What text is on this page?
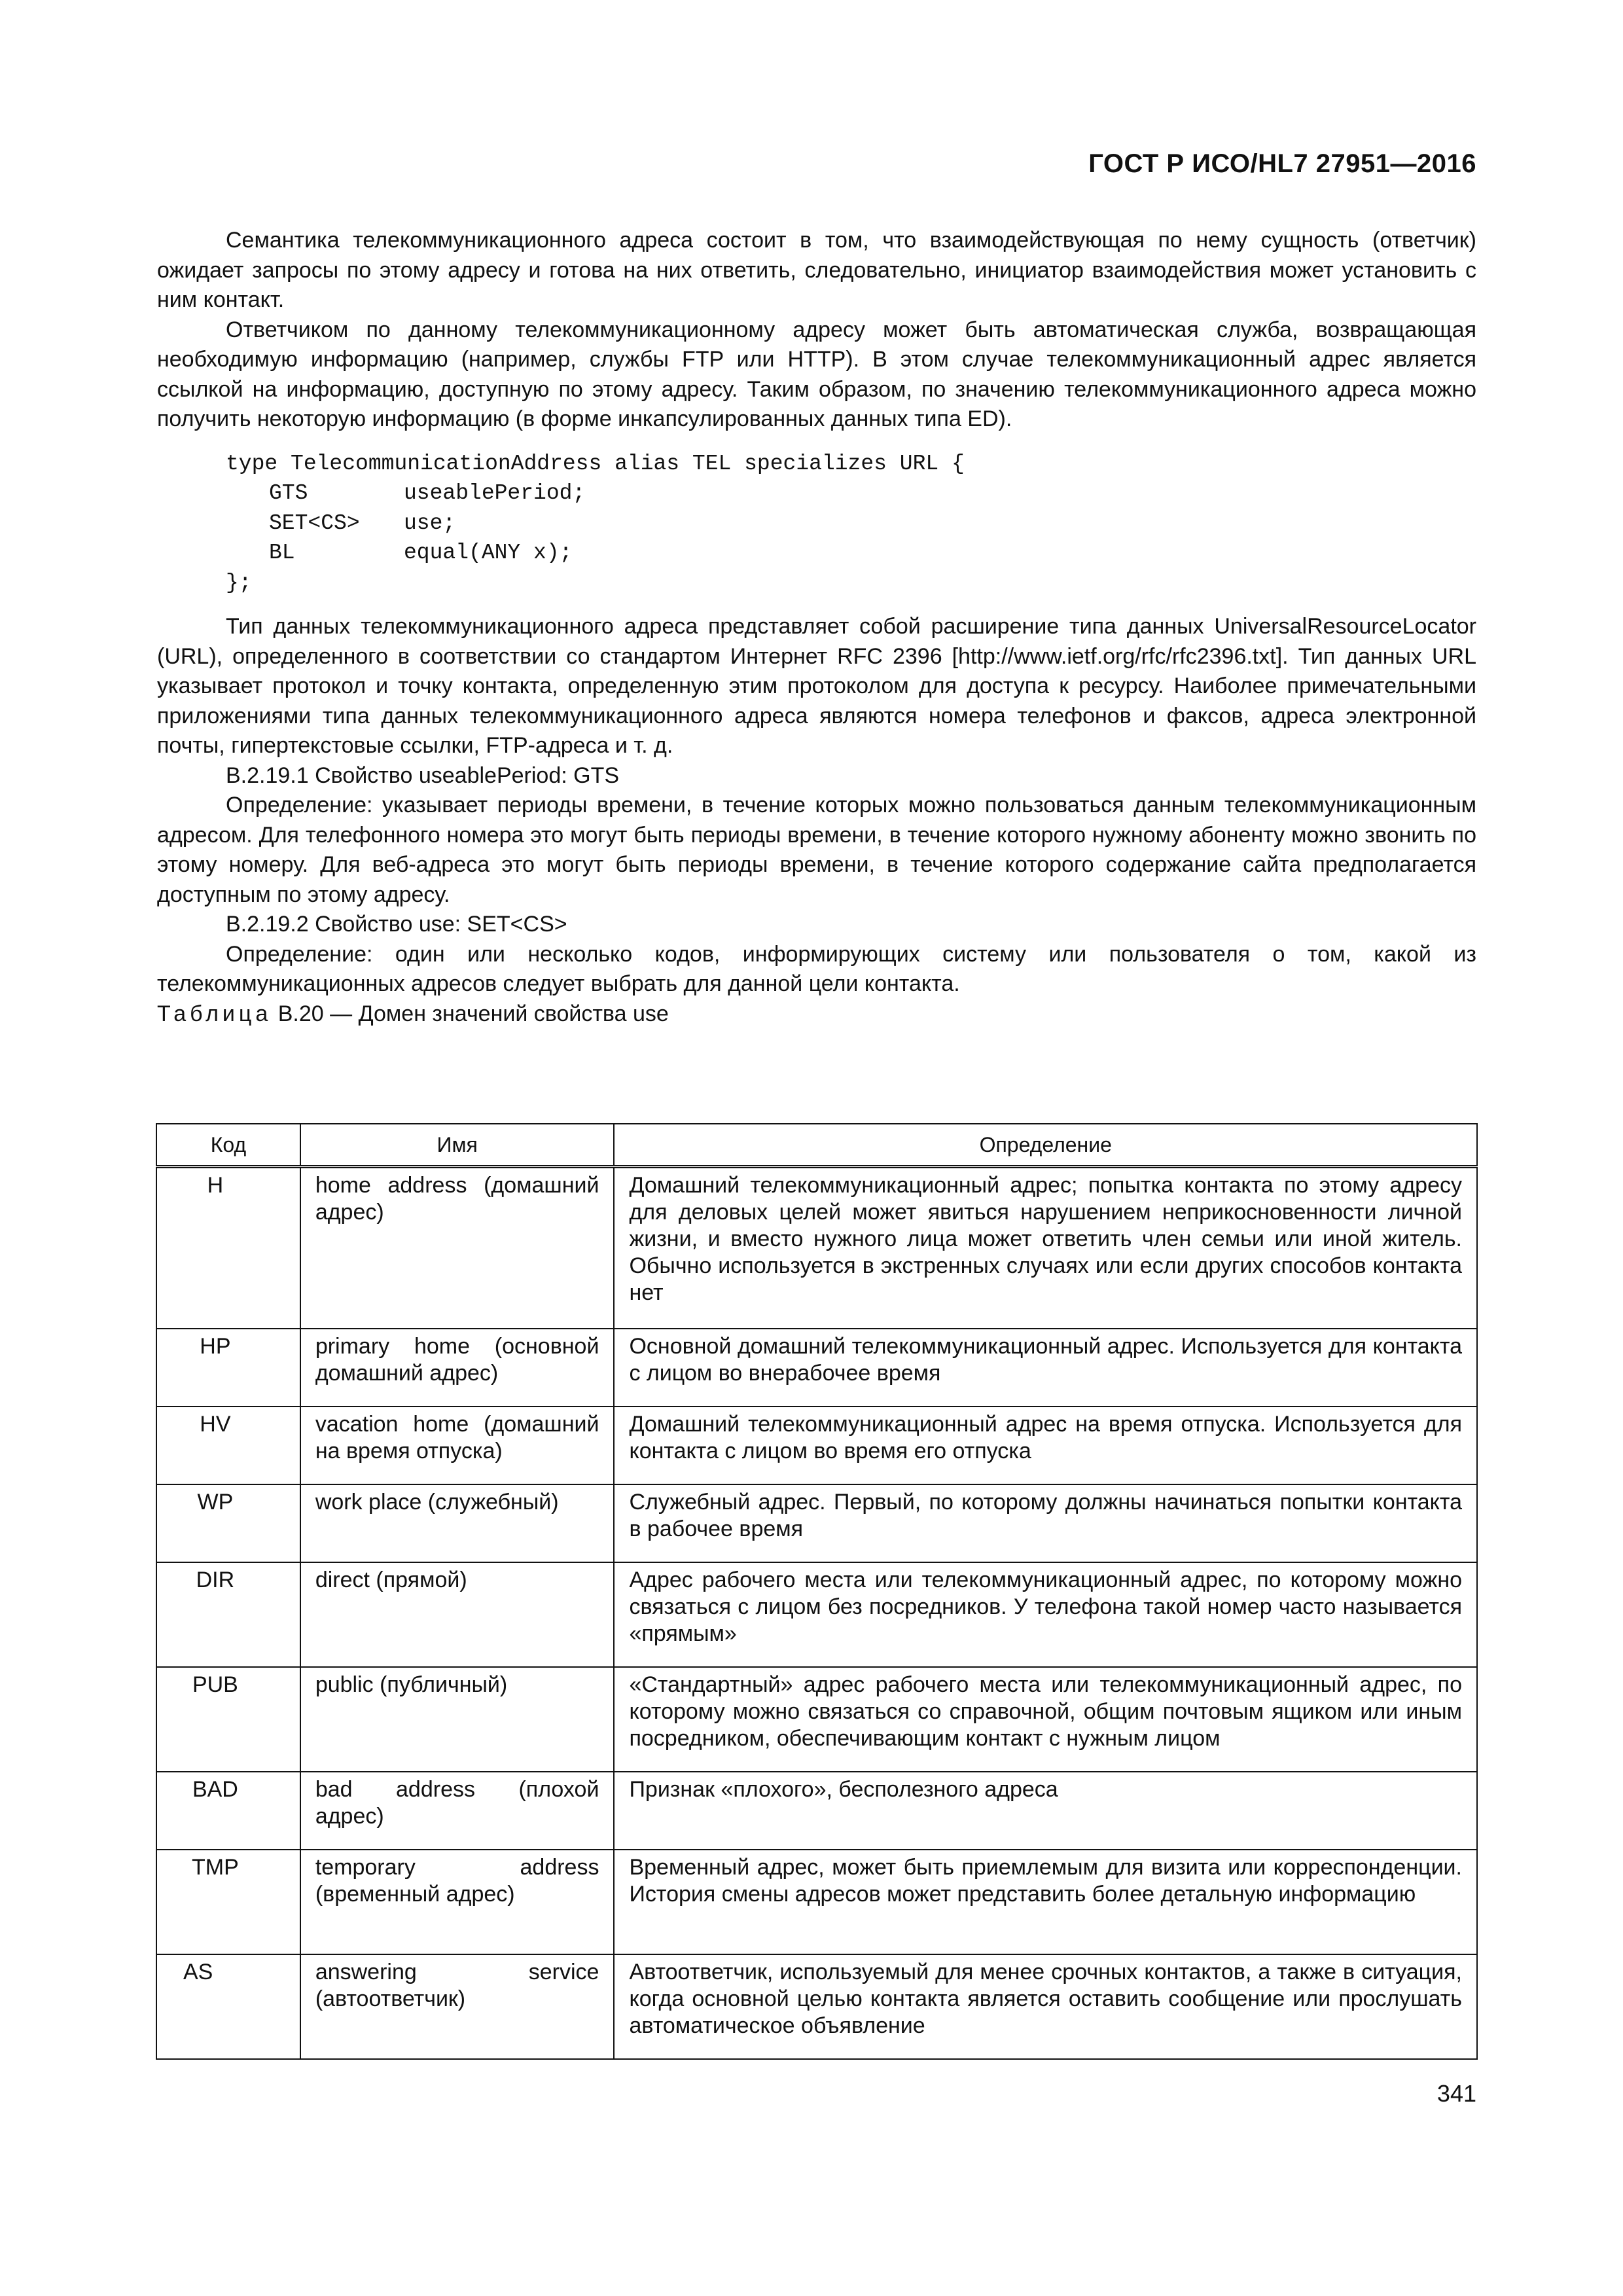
ГОСТ Р ИСО/HL7 27951—2016

Семантика телекоммуникационного адреса состоит в том, что взаимодействующая по нему сущность (ответчик) ожидает запросы по этому адресу и готова на них ответить, следовательно, инициатор взаимодействия может установить с ним контакт.

Ответчиком по данному телекоммуникационному адресу может быть автоматическая служба, возвращающая необходимую информацию (например, службы FTP или HTTP). В этом случае телекоммуникационный адрес является ссылкой на информацию, доступную по этому адресу. Таким образом, по значению телекоммуникационного адреса можно получить некоторую информацию (в форме инкапсулированных данных типа ED).

type TelecommunicationAddress alias TEL specializes URL {
GTS	useablePeriod;
SET<CS> use;
BL	equal(ANY x);
};

Тип данных телекоммуникационного адреса представляет собой расширение типа данных UniversalResourceLocator (URL), определенного в соответствии со стандартом Интернет RFC 2396 [http://www.ietf.org/rfc/rfc2396.txt]. Тип данных URL указывает протокол и точку контакта, определенную этим протоколом для доступа к ресурсу. Наиболее примечательными приложениями типа данных телекоммуникационного адреса являются номера телефонов и факсов, адреса электронной почты, гипертекстовые ссылки, FTP-адреса и т. д.

В.2.19.1 Свойство useablePeriod: GTS

Определение: указывает периоды времени, в течение которых можно пользоваться данным телекоммуникационным адресом. Для телефонного номера это могут быть периоды времени, в течение которого нужному абоненту можно звонить по этому номеру. Для веб-адреса это могут быть периоды времени, в течение которого содержание сайта предполагается доступным по этому адресу.

В.2.19.2 Свойство use: SET<CS>

Определение: один или несколько кодов, информирующих систему или пользователя о том, какой из телекоммуникационных адресов следует выбрать для данной цели контакта.

Таблица В.20 — Домен значений свойства use

Код	Имя	Определение
H	home address (домашний адрес)	Домашний телекоммуникационный адрес; попытка контакта по этому адресу для деловых целей может явиться нарушением неприкосновенности личной жизни, и вместо нужного лица может ответить член семьи или иной житель. Обычно используется в экстренных случаях или если других способов контакта нет
HP	primary home (основной домашний адрес)	Основной домашний телекоммуникационный адрес. Используется для контакта с лицом во внерабочее время
HV	vacation home (домашний на время отпуска)	Домашний телекоммуникационный адрес на время отпуска. Используется для контакта с лицом во время его отпуска
WP	work place (служебный)	Служебный адрес. Первый, по которому должны начинаться попытки контакта в рабочее время
DIR	direct (прямой)	Адрес рабочего места или телекоммуникационный адрес, по которому можно связаться с лицом без посредников. У телефона такой номер часто называется «прямым»
PUB	public (публичный)	«Стандартный» адрес рабочего места или телекоммуникационный адрес, по которому можно связаться со справочной, общим почтовым ящиком или иным посредником, обеспечивающим контакт с нужным лицом
BAD	bad address (плохой адрес)	Признак «плохого», бесполезного адреса
TMP	temporary address (временный адрес)	Временный адрес, может быть приемлемым для визита или корреспонденции. История смены адресов может представить более детальную информацию
AS	answering service (автоответчик)	Автоответчик, используемый для менее срочных контактов, а также в ситуация, когда основной целью контакта является оставить сообщение или прослушать автоматическое объявление
341
